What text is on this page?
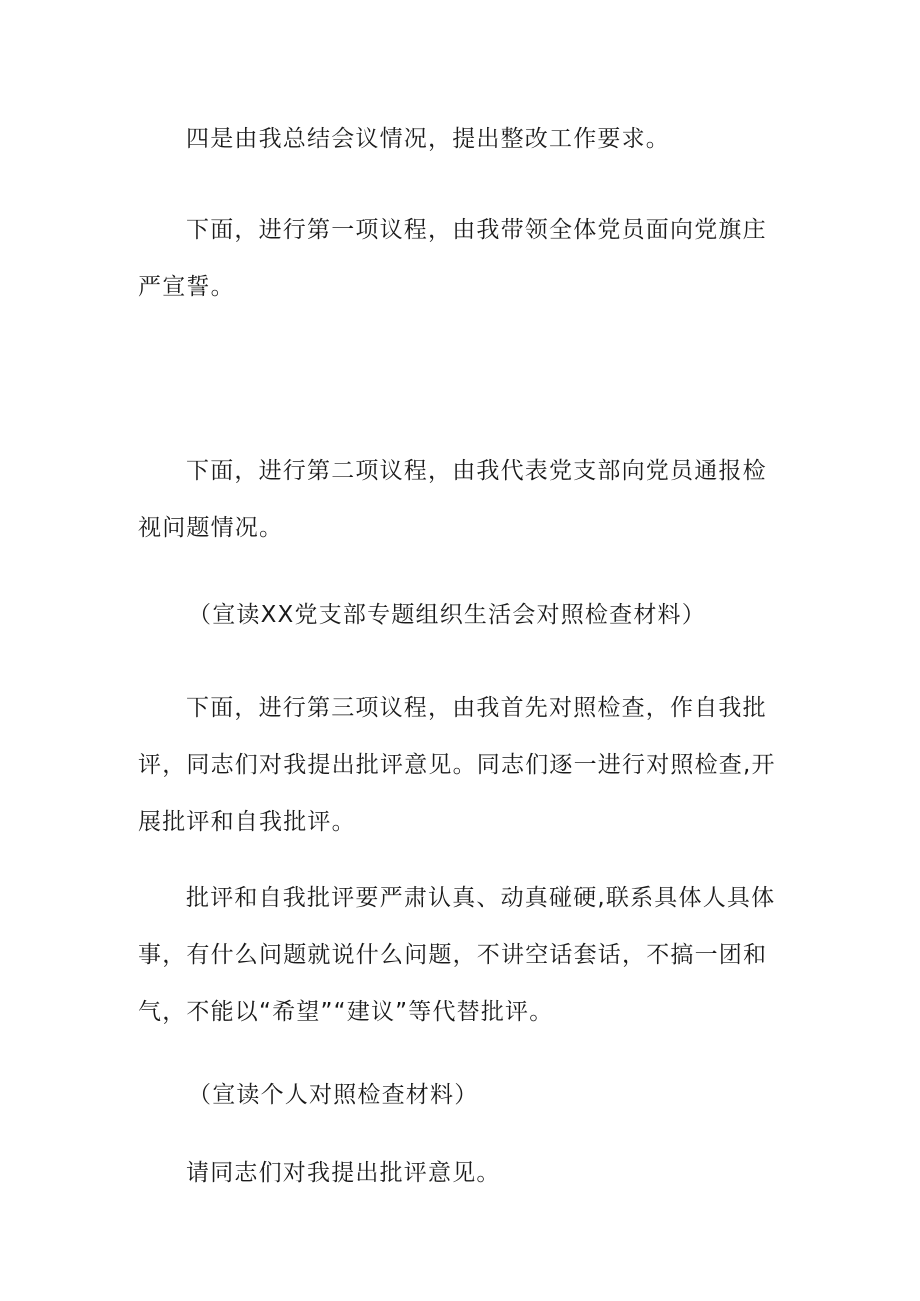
四是由我总结会议情况，提出整改工作要求。

下面，进行第一项议程，由我带领全体党员面向党旗庄严宣誓。

下面，进行第二项议程，由我代表党支部向党员通报检视问题情况。

（宣读XX党支部专题组织生活会对照检查材料）

下面，进行第三项议程，由我首先对照检查，作自我批评，同志们对我提出批评意见。同志们逐一进行对照检查,开展批评和自我批评。

批评和自我批评要严肃认真、动真碰硬,联系具体人具体事，有什么问题就说什么问题，不讲空话套话，不搞一团和气，不能以“希望”“建议”等代替批评。

（宣读个人对照检查材料）

请同志们对我提出批评意见。
